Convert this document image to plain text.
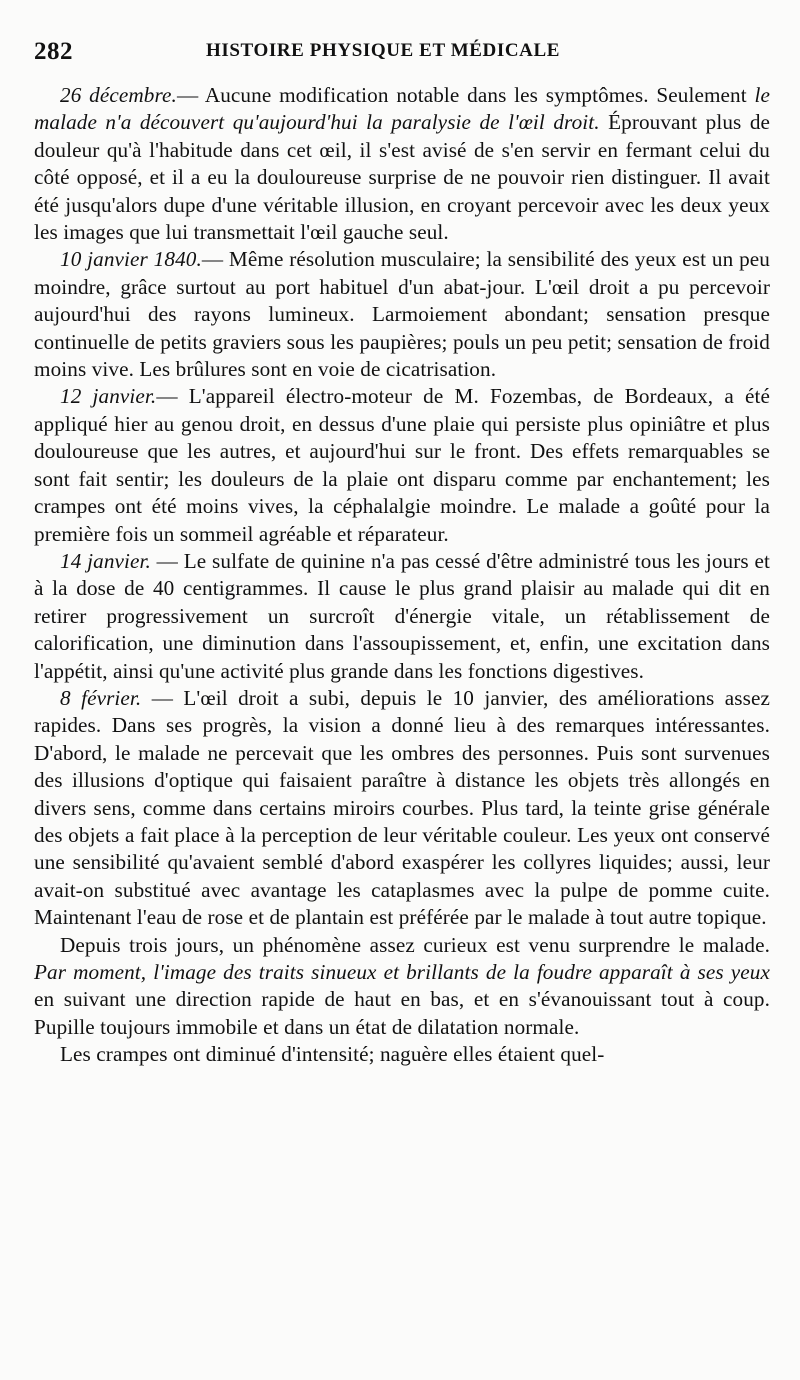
282	HISTOIRE PHYSIQUE ET MÉDICALE

26 décembre.— Aucune modification notable dans les symptômes. Seulement le malade n'a découvert qu'aujourd'hui la paralysie de l'œil droit. Éprouvant plus de douleur qu'à l'habitude dans cet œil, il s'est avisé de s'en servir en fermant celui du côté opposé, et il a eu la douloureuse surprise de ne pouvoir rien distinguer. Il avait été jusqu'alors dupe d'une véritable illusion, en croyant percevoir avec les deux yeux les images que lui transmettait l'œil gauche seul.

10 janvier 1840.— Même résolution musculaire; la sensibilité des yeux est un peu moindre, grâce surtout au port habituel d'un abat-jour. L'œil droit a pu percevoir aujourd'hui des rayons lumineux. Larmoiement abondant; sensation presque continuelle de petits graviers sous les paupières; pouls un peu petit; sensation de froid moins vive. Les brûlures sont en voie de cicatrisation.

12 janvier.— L'appareil électro-moteur de M. Fozembas, de Bordeaux, a été appliqué hier au genou droit, en dessus d'une plaie qui persiste plus opiniâtre et plus douloureuse que les autres, et aujourd'hui sur le front. Des effets remarquables se sont fait sentir; les douleurs de la plaie ont disparu comme par enchantement; les crampes ont été moins vives, la céphalalgie moindre. Le malade a goûté pour la première fois un sommeil agréable et réparateur.

14 janvier. — Le sulfate de quinine n'a pas cessé d'être administré tous les jours et à la dose de 40 centigrammes. Il cause le plus grand plaisir au malade qui dit en retirer progressivement un surcroît d'énergie vitale, un rétablissement de calorification, une diminution dans l'assoupissement, et, enfin, une excitation dans l'appétit, ainsi qu'une activité plus grande dans les fonctions digestives.

8 février. — L'œil droit a subi, depuis le 10 janvier, des améliorations assez rapides. Dans ses progrès, la vision a donné lieu à des remarques intéressantes. D'abord, le malade ne percevait que les ombres des personnes. Puis sont survenues des illusions d'optique qui faisaient paraître à distance les objets très allongés en divers sens, comme dans certains miroirs courbes. Plus tard, la teinte grise générale des objets a fait place à la perception de leur véritable couleur. Les yeux ont conservé une sensibilité qu'avaient semblé d'abord exaspérer les collyres liquides; aussi, leur avait-on substitué avec avantage les cataplasmes avec la pulpe de pomme cuite. Maintenant l'eau de rose et de plantain est préférée par le malade à tout autre topique.

Depuis trois jours, un phénomène assez curieux est venu surprendre le malade. Par moment, l'image des traits sinueux et brillants de la foudre apparaît à ses yeux en suivant une direction rapide de haut en bas, et en s'évanouissant tout à coup. Pupille toujours immobile et dans un état de dilatation normale.

Les crampes ont diminué d'intensité; naguère elles étaient quel-
